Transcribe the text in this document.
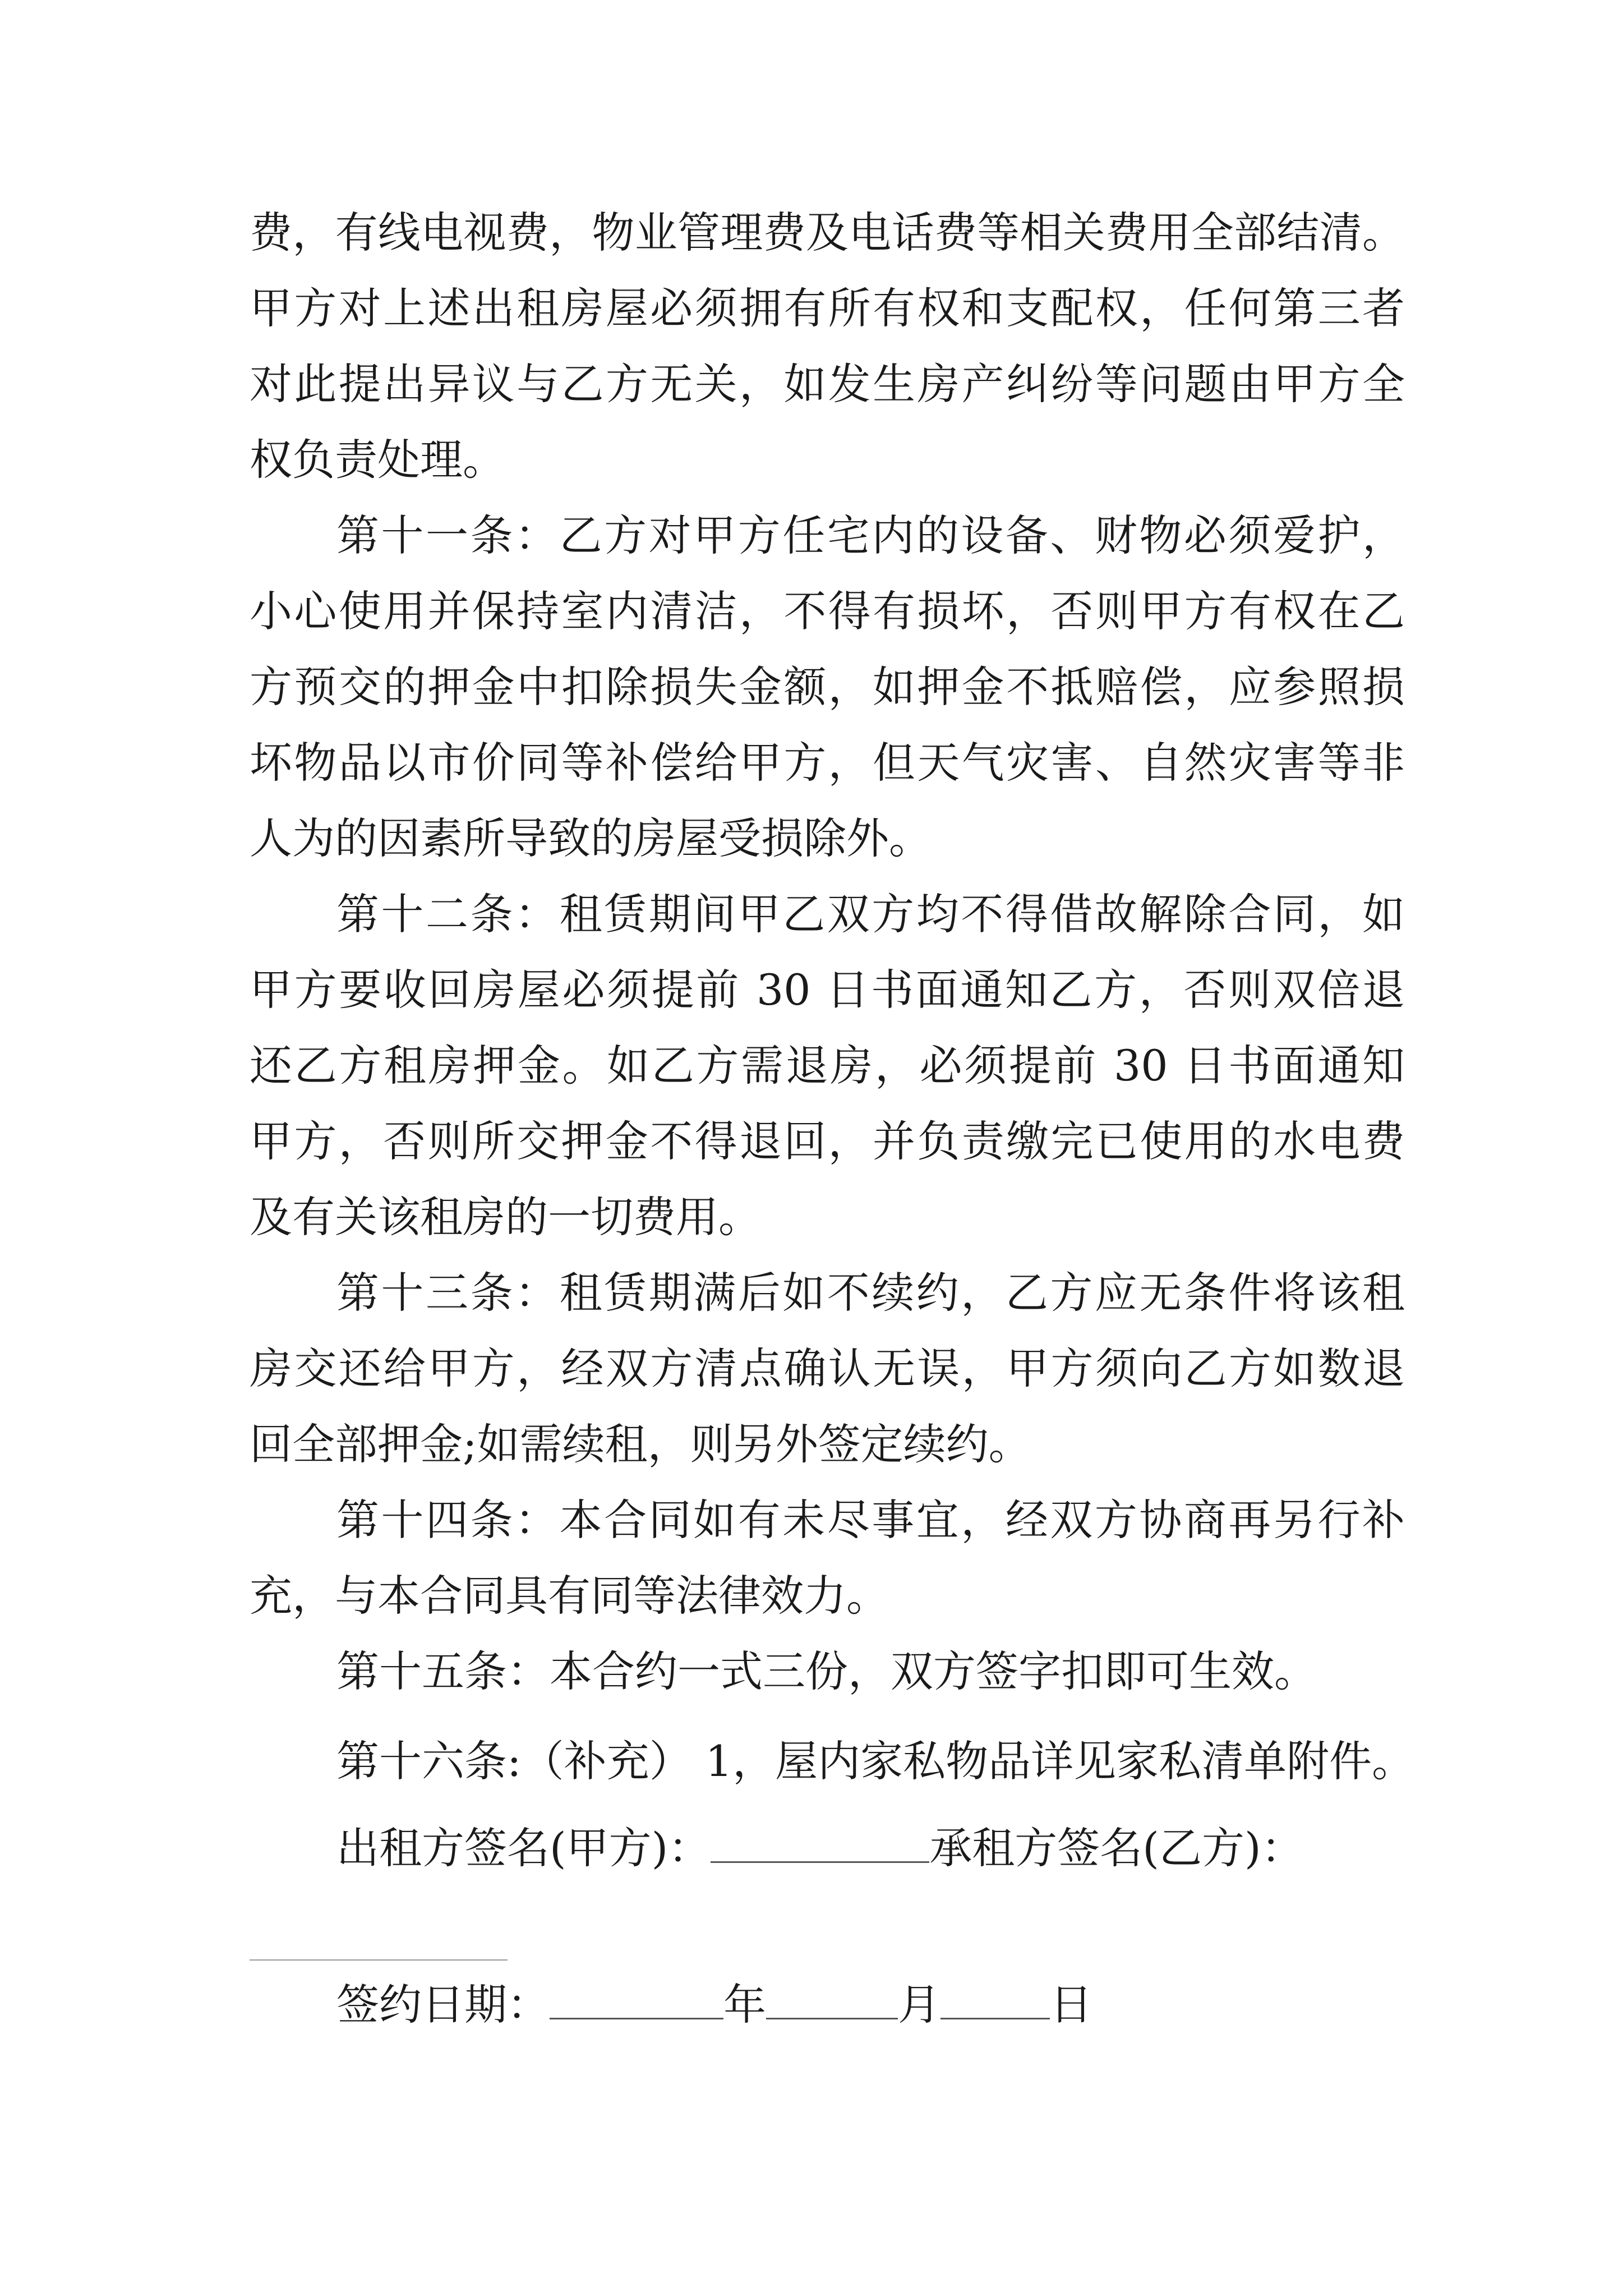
费，有线电视费，物业管理费及电话费等相关费用全部结清。
甲方对上述出租房屋必须拥有所有权和支配权，任何第三者
对此提出异议与乙方无关，如发生房产纠纷等问题由甲方全
权负责处理。
第十一条：乙方对甲方任宅内的设备、财物必须爱护，
小心使用并保持室内清洁，不得有损坏，否则甲方有权在乙
方预交的押金中扣除损失金额，如押金不抵赔偿，应参照损
坏物品以市价同等补偿给甲方，但天气灾害、自然灾害等非
人为的因素所导致的房屋受损除外。
第十二条：租赁期间甲乙双方均不得借故解除合同，如
甲方要收回房屋必须提前 30 日书面通知乙方，否则双倍退
还乙方租房押金。如乙方需退房，必须提前 30 日书面通知
甲方，否则所交押金不得退回，并负责缴完已使用的水电费
及有关该租房的一切费用。
第十三条：租赁期满后如不续约，乙方应无条件将该租
房交还给甲方，经双方清点确认无误，甲方须向乙方如数退
回全部押金;如需续租，则另外签定续约。
第十四条：本合同如有未尽事宜，经双方协商再另行补
充，与本合同具有同等法律效力。
第十五条：本合约一式三份，双方签字扣即可生效。
第十六条:（补充） 1，屋内家私物品详见家私清单附件。
出租方签名(甲方)：	承租方签名(乙方)：
签约日期：	年	月	日
